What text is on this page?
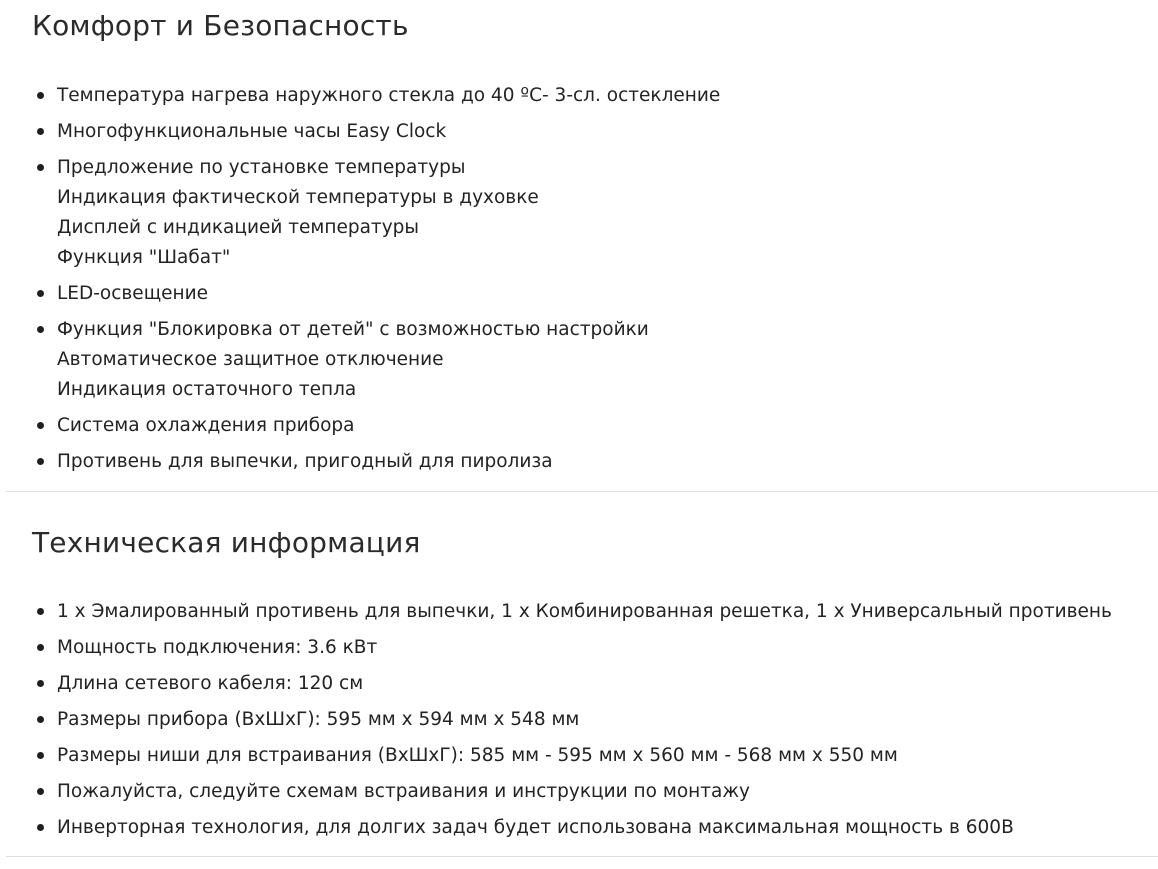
Комфорт и Безопасность
Температура нагрева наружного стекла до 40 ºС- 3-сл. остекление
Многофункциональные часы Easy Clock
Предложение по установке температуры
Индикация фактической температуры в духовке
Дисплей с индикацией температуры
Функция "Шабат"
LED-освещение
Функция "Блокировка от детей" с возможностью настройки
Автоматическое защитное отключение
Индикация остаточного тепла
Система охлаждения прибора
Противень для выпечки, пригодный для пиролиза
Техническая информация
1 x Эмалированный противень для выпечки, 1 x Комбинированная решетка, 1 x Универсальный противень
Мощность подключения: 3.6 кВт
Длина сетевого кабеля: 120 см
Размеры прибора (ВхШхГ): 595 мм x 594 мм x 548 мм
Размеры ниши для встраивания (ВхШхГ): 585 мм - 595 мм x 560 мм - 568 мм x 550 мм
Пожалуйста, следуйте схемам встраивания и инструкции по монтажу
Инверторная технология, для долгих задач будет использована максимальная мощность в 600В
